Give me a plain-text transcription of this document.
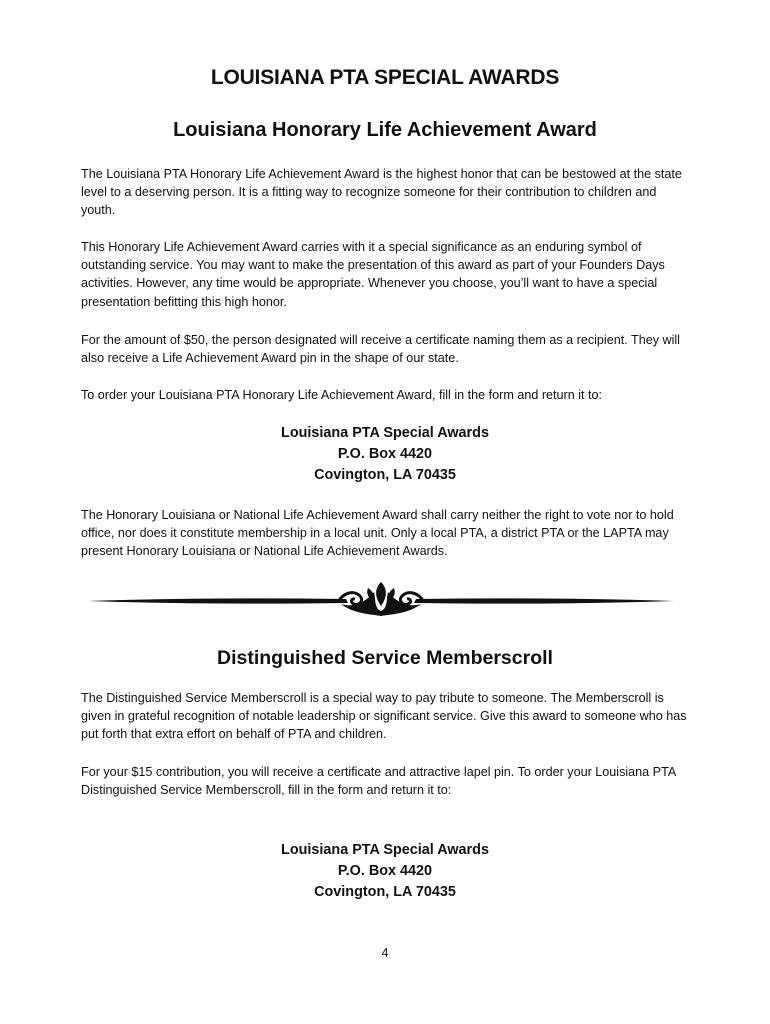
LOUISIANA PTA SPECIAL AWARDS
Louisiana Honorary Life Achievement Award

The Louisiana PTA Honorary Life Achievement Award is the highest honor that can be bestowed at the state level to a deserving person. It is a fitting way to recognize someone for their contribution to children and youth.

This Honorary Life Achievement Award carries with it a special significance as an enduring symbol of outstanding service. You may want to make the presentation of this award as part of your Founders Days activities. However, any time would be appropriate. Whenever you choose, you’ll want to have a special presentation befitting this high honor.

For the amount of $50, the person designated will receive a certificate naming them as a recipient. They will also receive a Life Achievement Award pin in the shape of our state.

To order your Louisiana PTA Honorary Life Achievement Award, fill in the form and return it to:

Louisiana PTA Special Awards
P.O. Box 4420
Covington, LA 70435

The Honorary Louisiana or National Life Achievement Award shall carry neither the right to vote nor to hold office, nor does it constitute membership in a local unit. Only a local PTA, a district PTA or the LAPTA may present Honorary Louisiana or National Life Achievement Awards.

Distinguished Service Memberscroll

The Distinguished Service Memberscroll is a special way to pay tribute to someone. The Memberscroll is given in grateful recognition of notable leadership or significant service. Give this award to someone who has put forth that extra effort on behalf of PTA and children.

For your $15 contribution, you will receive a certificate and attractive lapel pin. To order your Louisiana PTA Distinguished Service Memberscroll, fill in the form and return it to:

Louisiana PTA Special Awards
P.O. Box 4420
Covington, LA 70435
4
